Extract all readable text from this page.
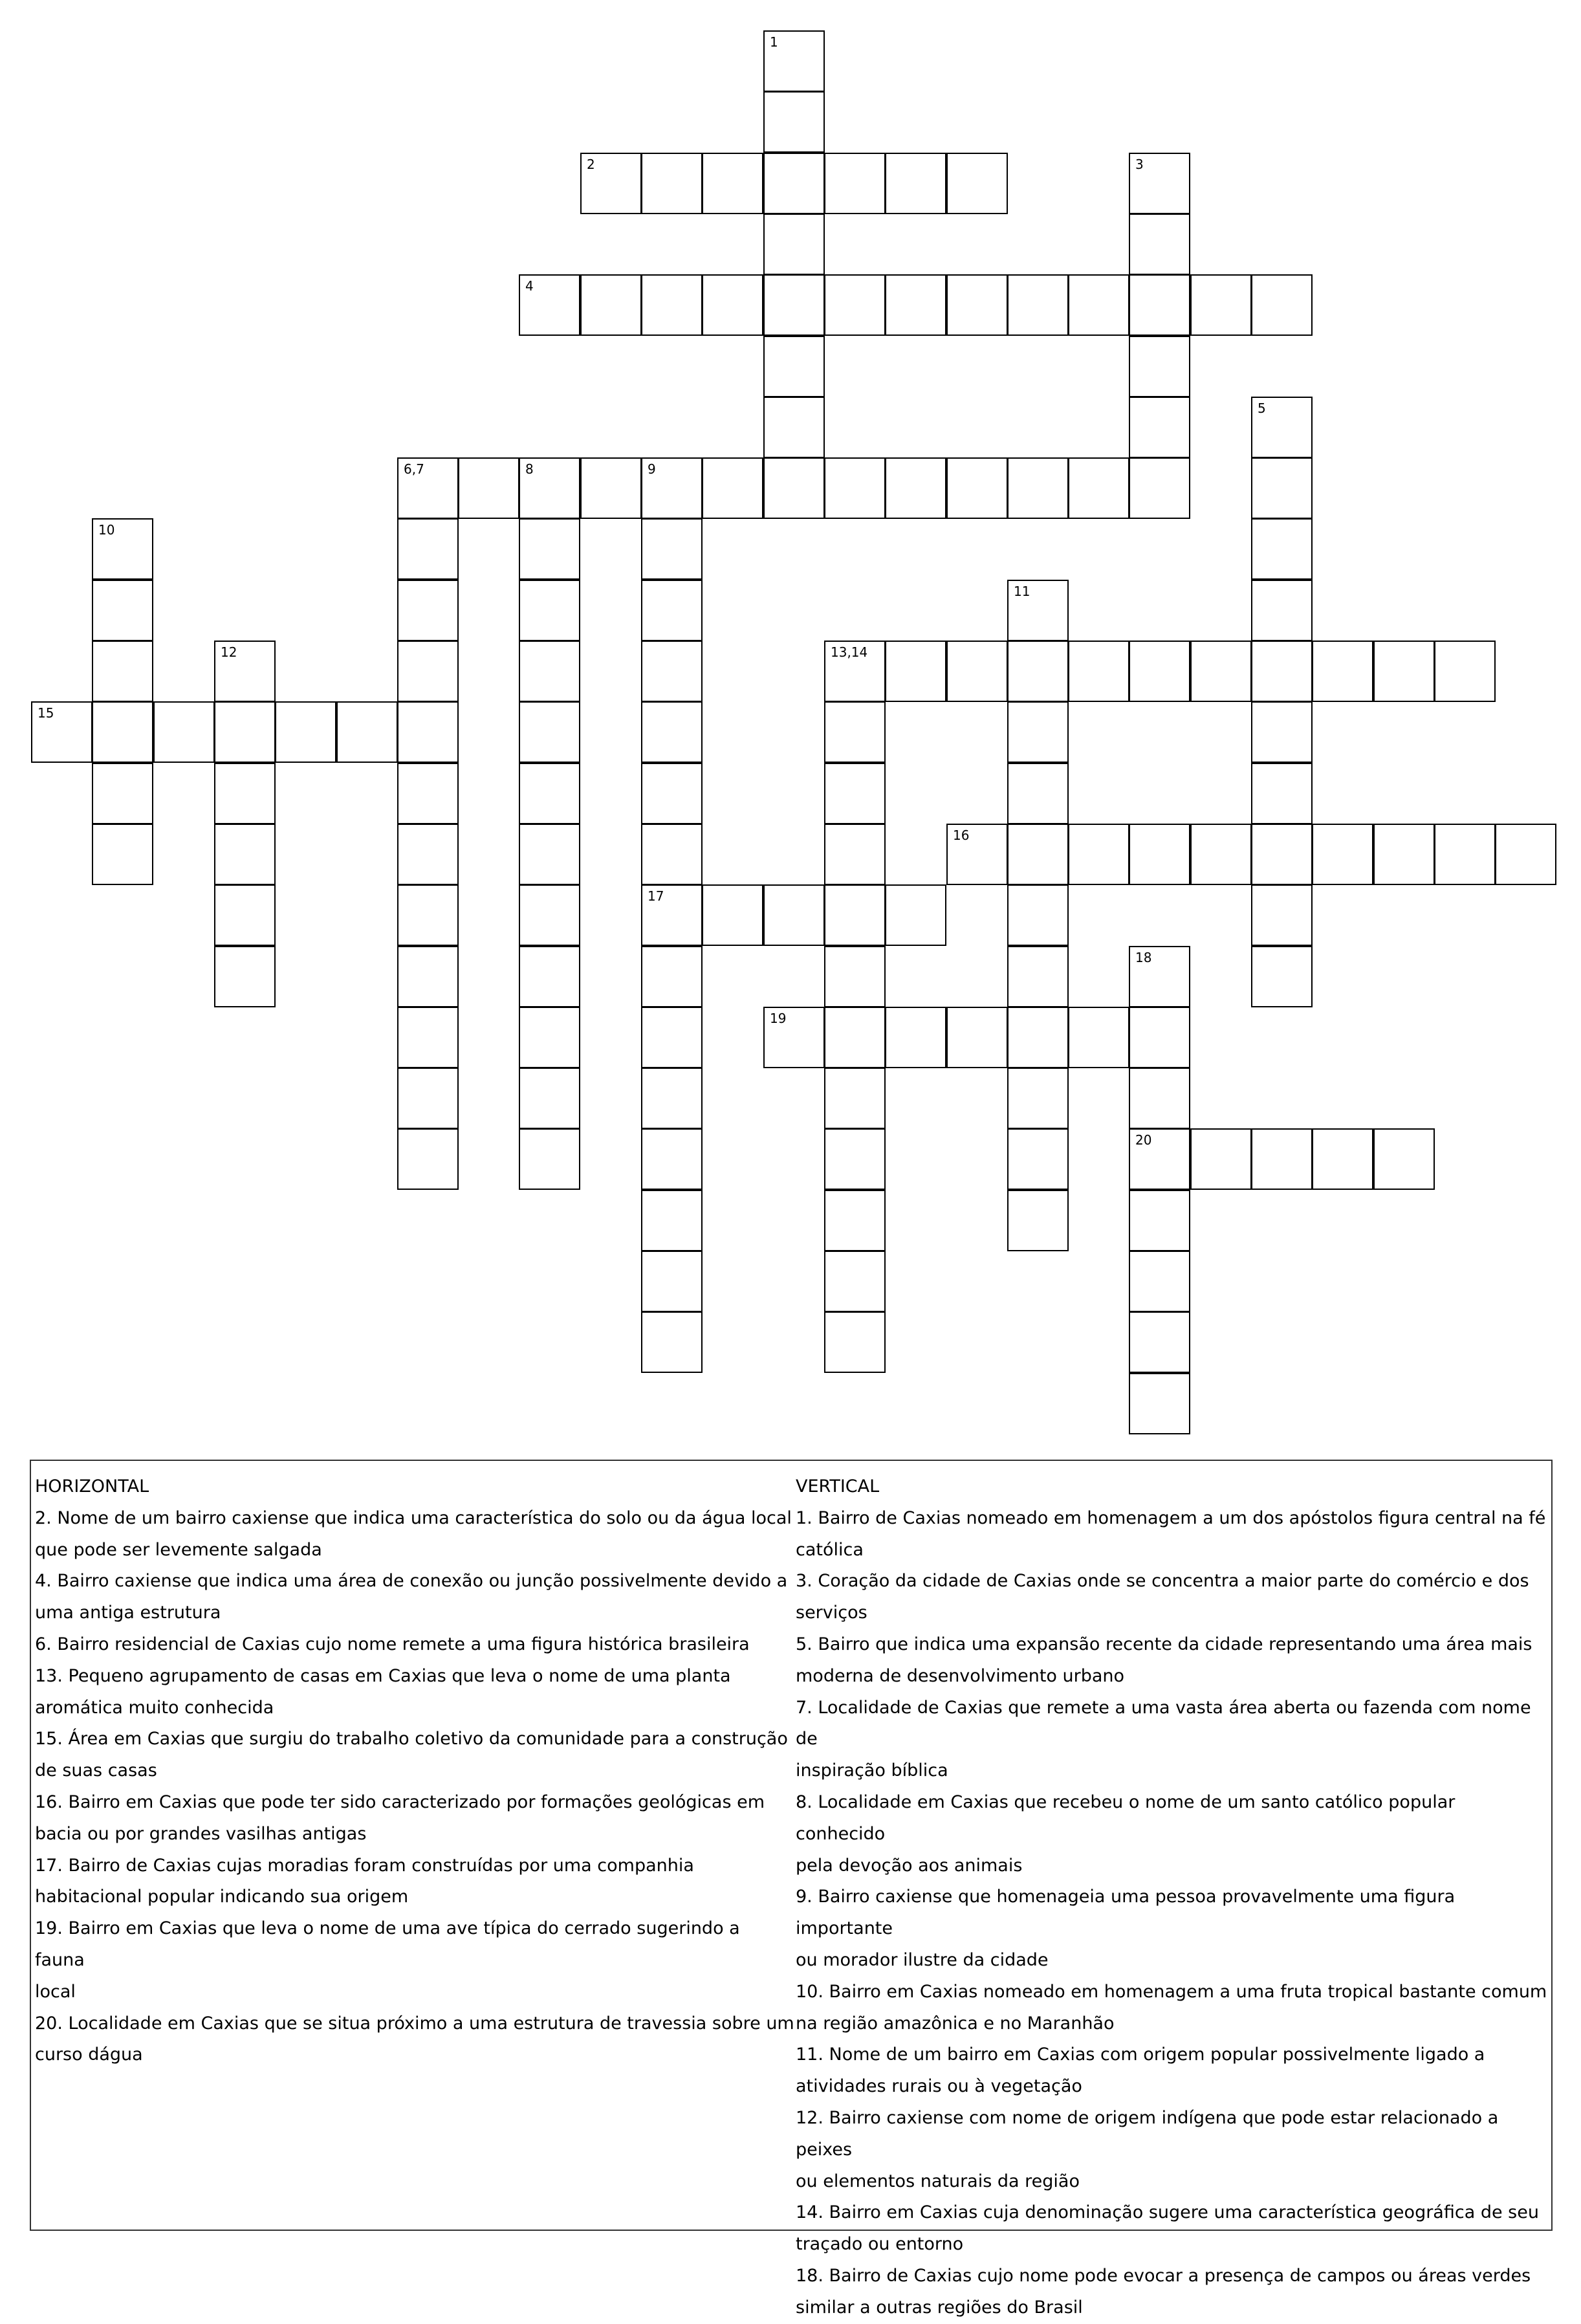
1
2	3
4
5
6,7	8	9
17
10
11
12	13,14
15
16
18
20
19
HORIZONTAL
2. Nome de um bairro caxiense que indica uma característica do solo ou da água local
que pode ser levemente salgada
4. Bairro caxiense que indica uma área de conexão ou junção possivelmente devido a
uma antiga estrutura
6. Bairro residencial de Caxias cujo nome remete a uma figura histórica brasileira
13. Pequeno agrupamento de casas em Caxias que leva o nome de uma planta
aromática muito conhecida
15. Área em Caxias que surgiu do trabalho coletivo da comunidade para a construção
de suas casas
16. Bairro em Caxias que pode ter sido caracterizado por formações geológicas em
bacia ou por grandes vasilhas antigas
17. Bairro de Caxias cujas moradias foram construídas por uma companhia
habitacional popular indicando sua origem
19. Bairro em Caxias que leva o nome de uma ave típica do cerrado sugerindo a fauna
local
20. Localidade em Caxias que se situa próximo a uma estrutura de travessia sobre um
curso dágua
VERTICAL
1. Bairro de Caxias nomeado em homenagem a um dos apóstolos figura central na fé
católica
3. Coração da cidade de Caxias onde se concentra a maior parte do comércio e dos
serviços
5. Bairro que indica uma expansão recente da cidade representando uma área mais
moderna de desenvolvimento urbano
7. Localidade de Caxias que remete a uma vasta área aberta ou fazenda com nome de
inspiração bíblica
8. Localidade em Caxias que recebeu o nome de um santo católico popular conhecido
pela devoção aos animais
9. Bairro caxiense que homenageia uma pessoa provavelmente uma figura importante
ou morador ilustre da cidade
10. Bairro em Caxias nomeado em homenagem a uma fruta tropical bastante comum
na região amazônica e no Maranhão
11. Nome de um bairro em Caxias com origem popular possivelmente ligado a
atividades rurais ou à vegetação
12. Bairro caxiense com nome de origem indígena que pode estar relacionado a peixes
ou elementos naturais da região
14. Bairro em Caxias cuja denominação sugere uma característica geográfica de seu
traçado ou entorno
18. Bairro de Caxias cujo nome pode evocar a presença de campos ou áreas verdes
similar a outras regiões do Brasil
